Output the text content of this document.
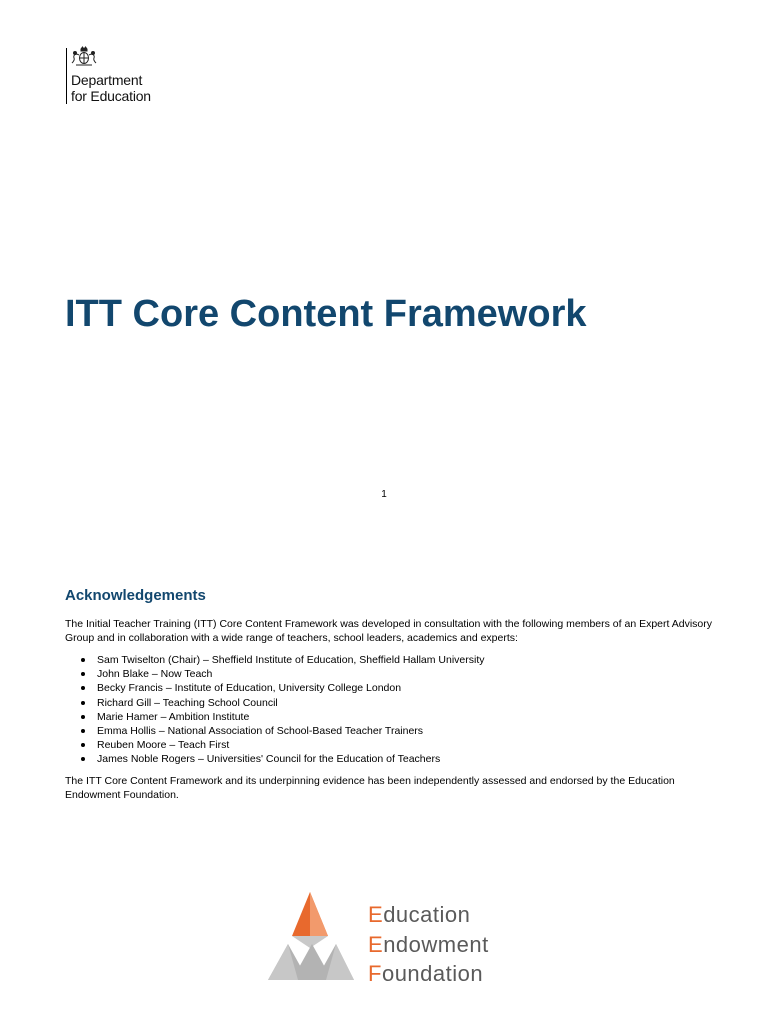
Department
for Education
ITT Core Content Framework
1
Acknowledgements

The Initial Teacher Training (ITT) Core Content Framework was developed in consultation with the following members of an Expert Advisory Group and in collaboration with a wide range of teachers, school leaders, academics and experts:

Sam Twiselton (Chair) – Sheffield Institute of Education, Sheffield Hallam University
John Blake – Now Teach
Becky Francis – Institute of Education, University College London
Richard Gill – Teaching School Council
Marie Hamer – Ambition Institute
Emma Hollis – National Association of School-Based Teacher Trainers
Reuben Moore – Teach First
James Noble Rogers – Universities' Council for the Education of Teachers

The ITT Core Content Framework and its underpinning evidence has been independently assessed and endorsed by the Education Endowment Foundation.

Education
Endowment
Foundation
